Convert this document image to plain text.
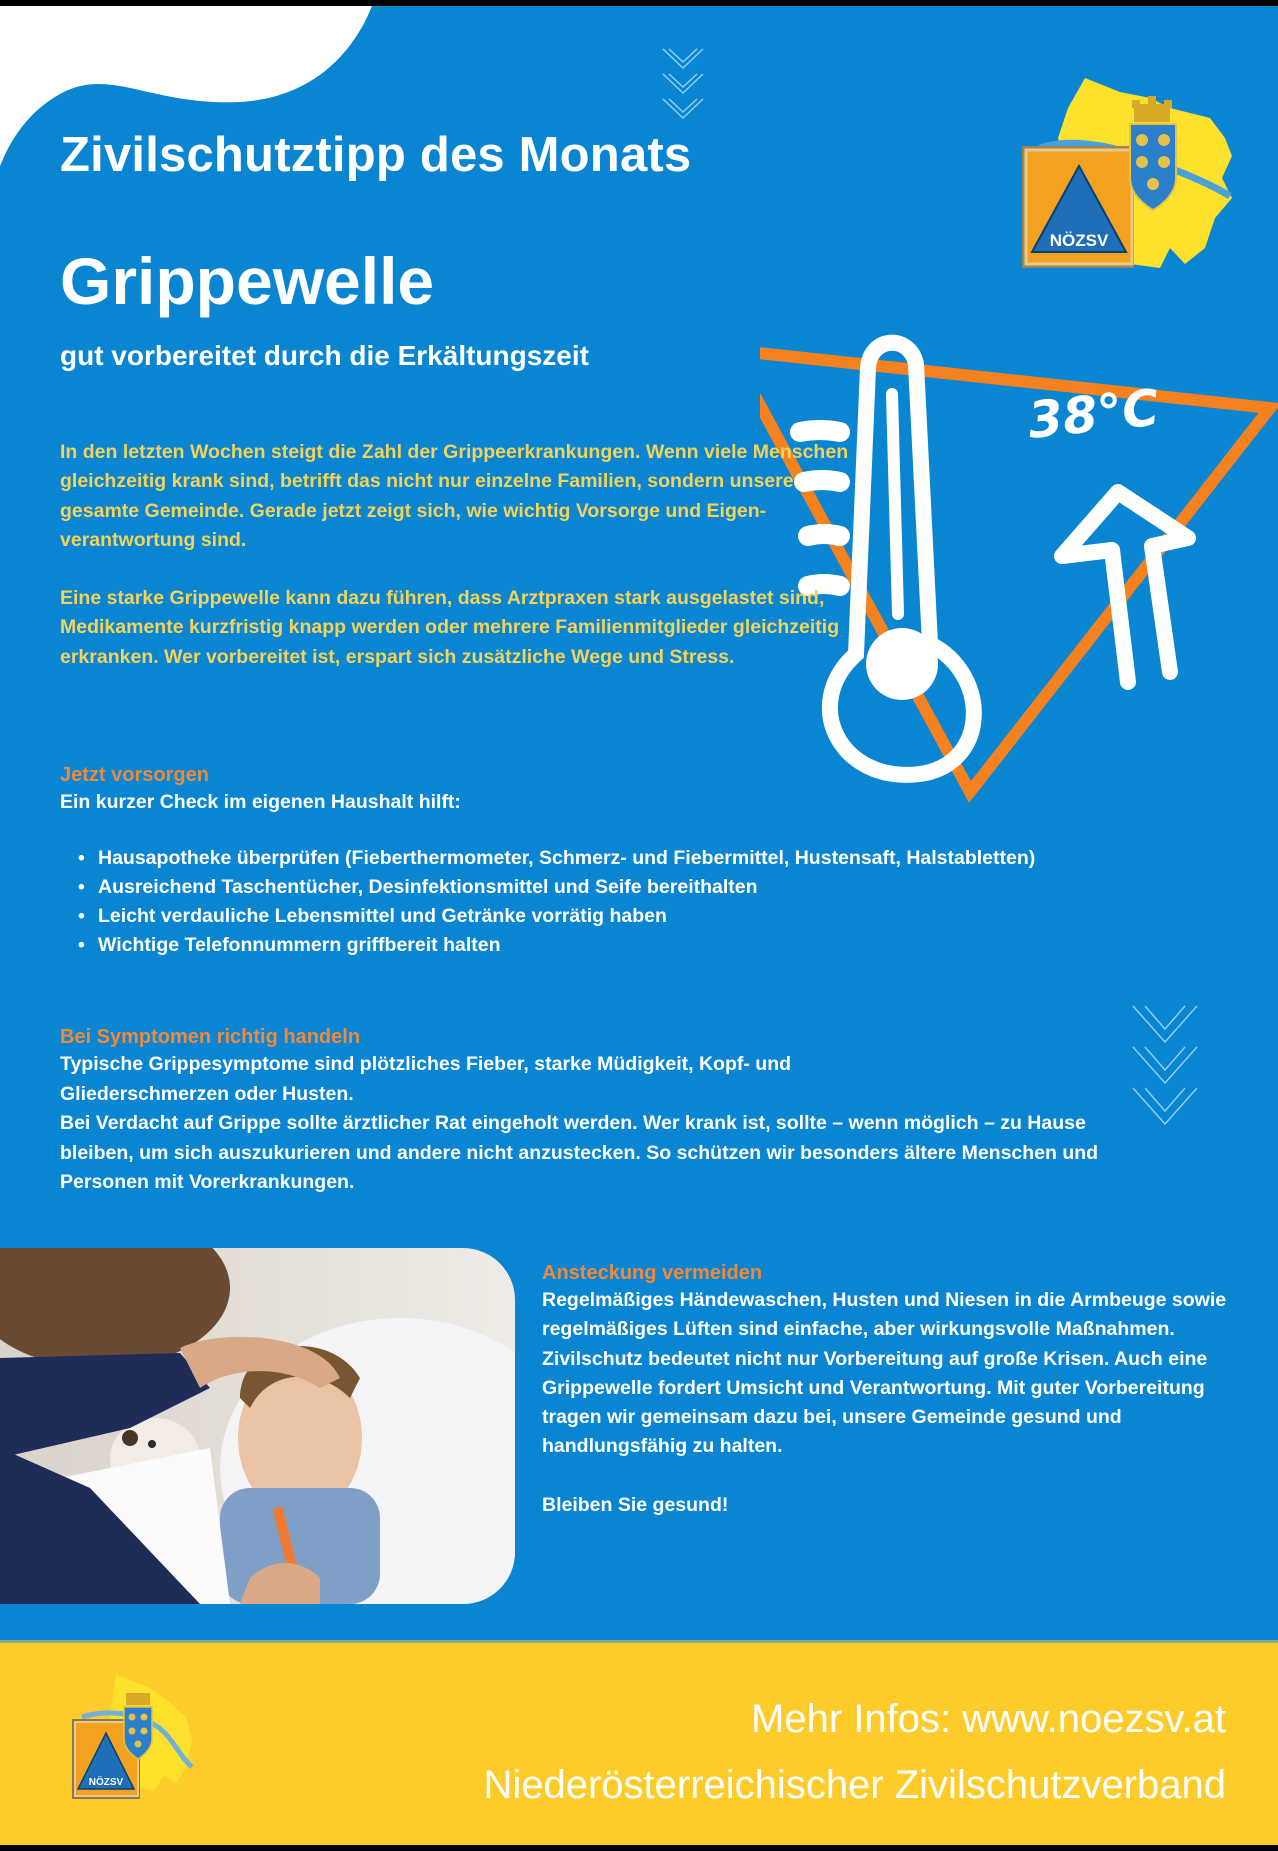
NÖZSV
Zivilschutztipp des Monats
Grippewelle
gut vorbereitet durch die Erkältungszeit
38°C

In den letzten Wochen steigt die Zahl der Grippeerkrankungen. Wenn viele Menschen gleichzeitig krank sind, betrifft das nicht nur einzelne Familien, sondern unsere gesamte Gemeinde. Gerade jetzt zeigt sich, wie wichtig Vorsorge und Eigen-verantwortung sind.

Eine starke Grippewelle kann dazu führen, dass Arztpraxen stark ausgelastet sind, Medikamente kurzfristig knapp werden oder mehrere Familienmitglieder gleichzeitig erkranken. Wer vorbereitet ist, erspart sich zusätzliche Wege und Stress.

Jetzt vorsorgen

Ein kurzer Check im eigenen Haushalt hilft:

• Hausapotheke überprüfen (Fieberthermometer, Schmerz- und Fiebermittel, Hustensaft, Halstabletten)
• Ausreichend Taschentücher, Desinfektionsmittel und Seife bereithalten
• Leicht verdauliche Lebensmittel und Getränke vorrätig haben
• Wichtige Telefonnummern griffbereit halten
Bei Symptomen richtig handeln

Typische Grippesymptome sind plötzliches Fieber, starke Müdigkeit, Kopf- und Gliederschmerzen oder Husten.

Bei Verdacht auf Grippe sollte ärztlicher Rat eingeholt werden. Wer krank ist, sollte – wenn möglich – zu Hause bleiben, um sich auszukurieren und andere nicht anzustecken. So schützen wir besonders ältere Menschen und Personen mit Vorerkrankungen.

Ansteckung vermeiden

Regelmäßiges Händewaschen, Husten und Niesen in die Armbeuge sowie regelmäßiges Lüften sind einfache, aber wirkungsvolle Maßnahmen.

Zivilschutz bedeutet nicht nur Vorbereitung auf große Krisen. Auch eine Grippewelle fordert Umsicht und Verantwortung. Mit guter Vorbereitung tragen wir gemeinsam dazu bei, unsere Gemeinde gesund und handlungsfähig zu halten.

Bleiben Sie gesund!

NÖZSV

Mehr Infos: www.noezsv.at

Niederösterreichischer Zivilschutzverband
